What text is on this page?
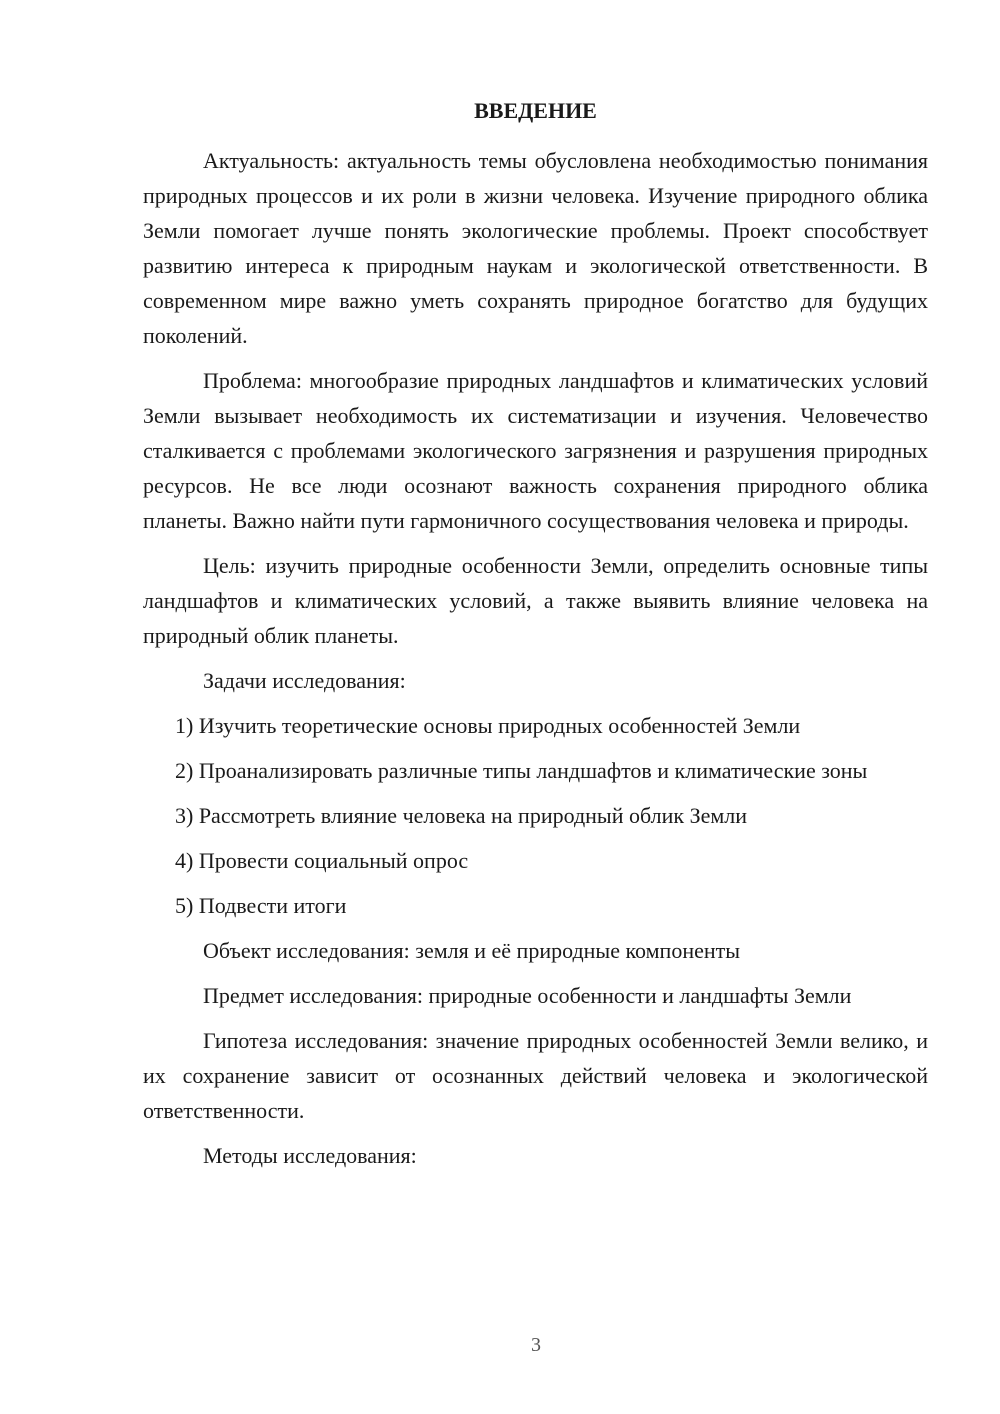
ВВЕДЕНИЕ

Актуальность: актуальность темы обусловлена необходимостью понимания природных процессов и их роли в жизни человека. Изучение природного облика Земли помогает лучше понять экологические проблемы. Проект способствует развитию интереса к природным наукам и экологической ответственности. В современном мире важно уметь сохранять природное богатство для будущих поколений.

Проблема: многообразие природных ландшафтов и климатических условий Земли вызывает необходимость их систематизации и изучения. Человечество сталкивается с проблемами экологического загрязнения и разрушения природных ресурсов. Не все люди осознают важность сохранения природного облика планеты. Важно найти пути гармоничного сосуществования человека и природы.

Цель: изучить природные особенности Земли, определить основные типы ландшафтов и климатических условий, а также выявить влияние человека на природный облик планеты.

Задачи исследования:

1) Изучить теоретические основы природных особенностей Земли

2) Проанализировать различные типы ландшафтов и климатические зоны

3) Рассмотреть влияние человека на природный облик Земли

4) Провести социальный опрос

5) Подвести итоги

Объект исследования: земля и её природные компоненты

Предмет исследования: природные особенности и ландшафты Земли

Гипотеза исследования: значение природных особенностей Земли велико, и их сохранение зависит от осознанных действий человека и экологической ответственности.

Методы исследования:

3
